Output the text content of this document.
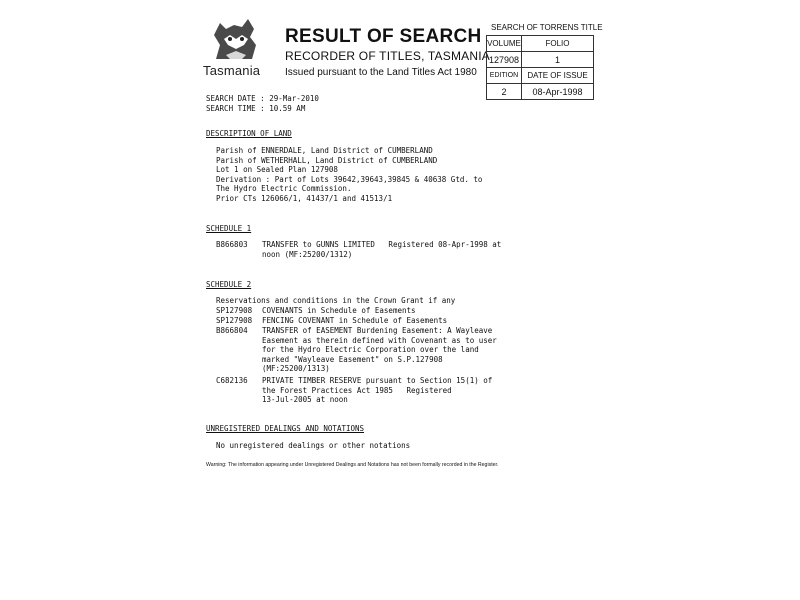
Tasmania
RESULT OF SEARCH
RECORDER OF TITLES, TASMANIA
Issued pursuant to the Land Titles Act 1980
SEARCH OF TORRENS TITLE
VOLUME	FOLIO
127908	1
EDITION	DATE OF ISSUE
2	08-Apr-1998
SEARCH DATE : 29-Mar-2010
SEARCH TIME : 10.59 AM
DESCRIPTION OF LAND
Parish of ENNERDALE, Land District of CUMBERLAND
Parish of WETHERHALL, Land District of CUMBERLAND
Lot 1 on Sealed Plan 127908
Derivation : Part of Lots 39642,39643,39845 & 40638 Gtd. to
The Hydro Electric Commission.
Prior CTs 126066/1, 41437/1 and 41513/1
SCHEDULE 1
B866803 TRANSFER to GUNNS LIMITED   Registered 08-Apr-1998 at
noon (MF:25200/1312)
SCHEDULE 2
Reservations and conditions in the Crown Grant if any
SP127908 COVENANTS in Schedule of Easements
SP127908 FENCING COVENANT in Schedule of Easements
B866804 TRANSFER of EASEMENT Burdening Easement: A Wayleave
Easement as therein defined with Covenant as to user
for the Hydro Electric Corporation over the land
marked "Wayleave Easement" on S.P.127908
(MF:25200/1313)
C682136 PRIVATE TIMBER RESERVE pursuant to Section 15(1) of
the Forest Practices Act 1985   Registered
13-Jul-2005 at noon
UNREGISTERED DEALINGS AND NOTATIONS
No unregistered dealings or other notations
Warning: The information appearing under Unregistered Dealings and Notations has not been formally recorded in the Register.
